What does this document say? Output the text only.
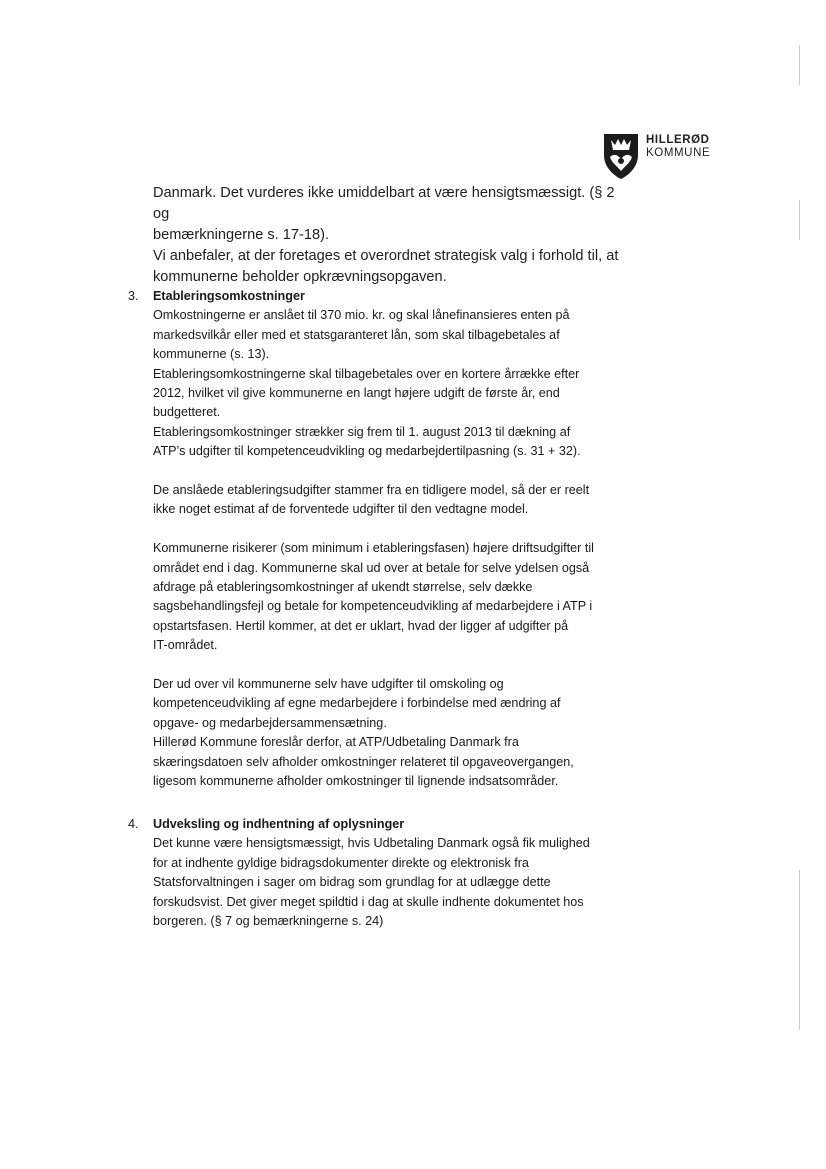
HILLERØD
KOMMUNE

Danmark. Det vurderes ikke umiddelbart at være hensigtsmæssigt. (§ 2 og

bemærkningerne s. 17-18).

Vi anbefaler, at der foretages et overordnet strategisk valg i forhold til, at

kommunerne beholder opkrævningsopgaven.

3. Etableringsomkostninger

Omkostningerne er anslået til 370 mio. kr. og skal lånefinansieres enten på

markedsvilkår eller med et statsgaranteret lån, som skal tilbagebetales af

kommunerne (s. 13).

Etableringsomkostningerne skal tilbagebetales over en kortere årrække efter

2012, hvilket vil give kommunerne en langt højere udgift de første år, end

budgetteret.

Etableringsomkostninger strækker sig frem til 1. august 2013 til dækning af

ATP’s udgifter til kompetenceudvikling og medarbejdertilpasning (s. 31 + 32).

De anslåede etableringsudgifter stammer fra en tidligere model, så der er reelt

ikke noget estimat af de forventede udgifter til den vedtagne model.

Kommunerne risikerer (som minimum i etableringsfasen) højere driftsudgifter til

området end i dag. Kommunerne skal ud over at betale for selve ydelsen også

afdrage på etableringsomkostninger af ukendt størrelse, selv dække

sagsbehandlingsfejl og betale for kompetenceudvikling af medarbejdere i ATP i

opstartsfasen. Hertil kommer, at det er uklart, hvad der ligger af udgifter på

IT-området.

Der ud over vil kommunerne selv have udgifter til omskoling og

kompetenceudvikling af egne medarbejdere i forbindelse med ændring af

opgave- og medarbejdersammensætning.

Hillerød Kommune foreslår derfor, at ATP/Udbetaling Danmark fra

skæringsdatoen selv afholder omkostninger relateret til opgaveovergangen,

ligesom kommunerne afholder omkostninger til lignende indsatsområder.

4. Udveksling og indhentning af oplysninger

Det kunne være hensigtsmæssigt, hvis Udbetaling Danmark også fik mulighed

for at indhente gyldige bidragsdokumenter direkte og elektronisk fra

Statsforvaltningen i sager om bidrag som grundlag for at udlægge dette

forskudsvist. Det giver meget spildtid i dag at skulle indhente dokumentet hos

borgeren. (§ 7 og bemærkningerne s. 24)
